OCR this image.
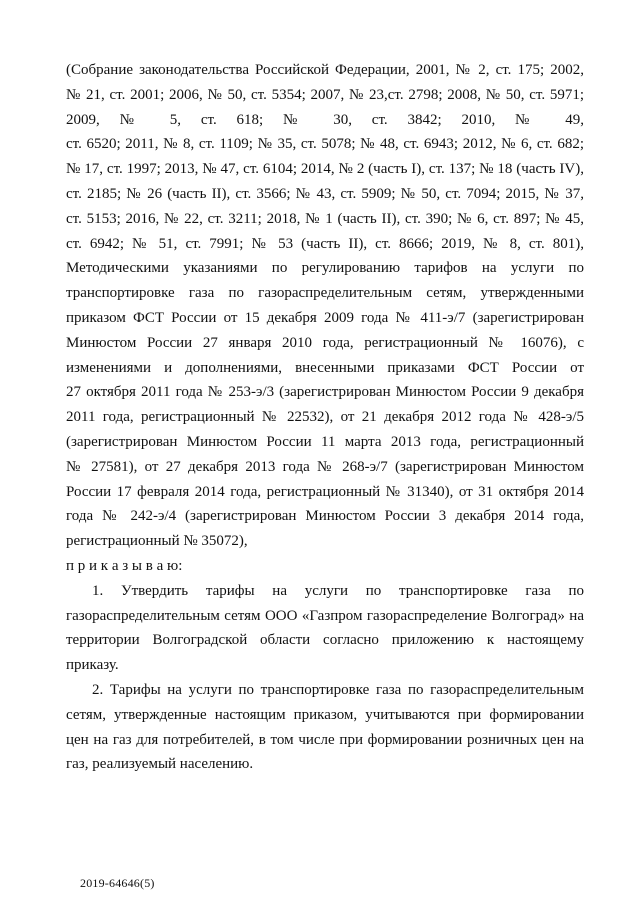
(Собрание законодательства Российской Федерации, 2001, № 2, ст. 175; 2002,
№ 21, ст. 2001; 2006, № 50, ст. 5354; 2007, № 23,ст. 2798; 2008, № 50, ст. 5971;
2009, № 5, ст. 618; № 30, ст. 3842; 2010, № 49,
ст. 6520; 2011, № 8, ст. 1109; № 35, ст. 5078; № 48, ст. 6943; 2012, № 6, ст. 682;
№ 17, ст. 1997; 2013, № 47, ст. 6104; 2014, № 2 (часть I), ст. 137; № 18 (часть IV),
ст. 2185; № 26 (часть II), ст. 3566; № 43, ст. 5909; № 50, ст. 7094; 2015, № 37,
ст. 5153; 2016, № 22, ст. 3211; 2018, № 1 (часть II), ст. 390; № 6, ст. 897; № 45,
ст. 6942; № 51, ст. 7991; № 53 (часть II), ст. 8666; 2019, № 8, ст. 801),
Методическими указаниями по регулированию тарифов на услуги по
транспортировке газа по газораспределительным сетям, утвержденными
приказом ФСТ России от 15 декабря 2009 года № 411-э/7 (зарегистрирован
Минюстом России 27 января 2010 года, регистрационный № 16076), с
изменениями и дополнениями, внесенными приказами ФСТ России от
27 октября 2011 года № 253-э/3 (зарегистрирован Минюстом России 9 декабря
2011 года, регистрационный № 22532), от 21 декабря 2012 года № 428-э/5
(зарегистрирован Минюстом России 11 марта 2013 года, регистрационный
№ 27581), от 27 декабря 2013 года № 268-э/7 (зарегистрирован Минюстом
России 17 февраля 2014 года, регистрационный № 31340), от 31 октября 2014
года № 242-э/4 (зарегистрирован Минюстом России 3 декабря 2014 года,
регистрационный № 35072),
п р и к а з ы в а ю:
1. Утвердить тарифы на услуги по транспортировке газа по
газораспределительным сетям ООО «Газпром газораспределение Волгоград» на
территории Волгоградской области согласно приложению к настоящему
приказу.
2. Тарифы на услуги по транспортировке газа по газораспределительным
сетям, утвержденные настоящим приказом, учитываются при формировании
цен на газ для потребителей, в том числе при формировании розничных цен на
газ, реализуемый населению.
2019-64646(5)
